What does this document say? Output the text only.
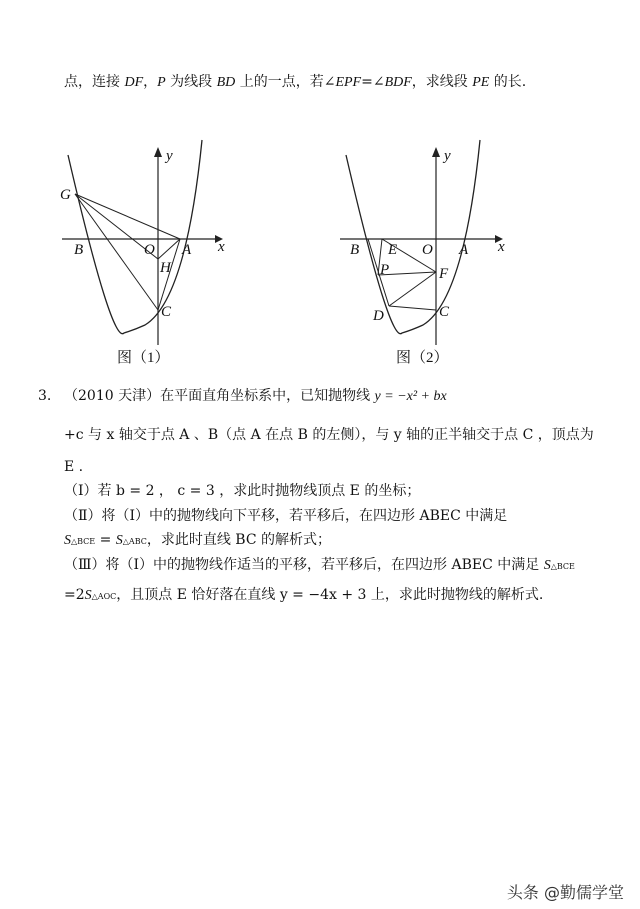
点，连接 DF，P 为线段 BD 上的一点，若∠EPF=∠BDF，求线段 PE 的长.
y
x
G
B	O A
H
C
y
x
B E O A
P	F
D	C
图（1）	图（2）
3. （2010 天津）在平面直角坐标系中，已知抛物线 y = −x² + bx
+c 与 x 轴交于点 A 、B（点 A 在点 B 的左侧），与 y 轴的正半轴交于点 C ，顶点为
E .
（Ⅰ）若 b = 2 ， c = 3 ，求此时抛物线顶点 E 的坐标；
（Ⅱ）将（Ⅰ）中的抛物线向下平移，若平移后，在四边形 ABEC 中满足
S△BCE = S△ABC，求此时直线 BC 的解析式；
（Ⅲ）将（Ⅰ）中的抛物线作适当的平移，若平移后，在四边形 ABEC 中满足 S△BCE
=2S△AOC，且顶点 E 恰好落在直线 y = −4x + 3 上，求此时抛物线的解析式.
头条 @勤儒学堂
